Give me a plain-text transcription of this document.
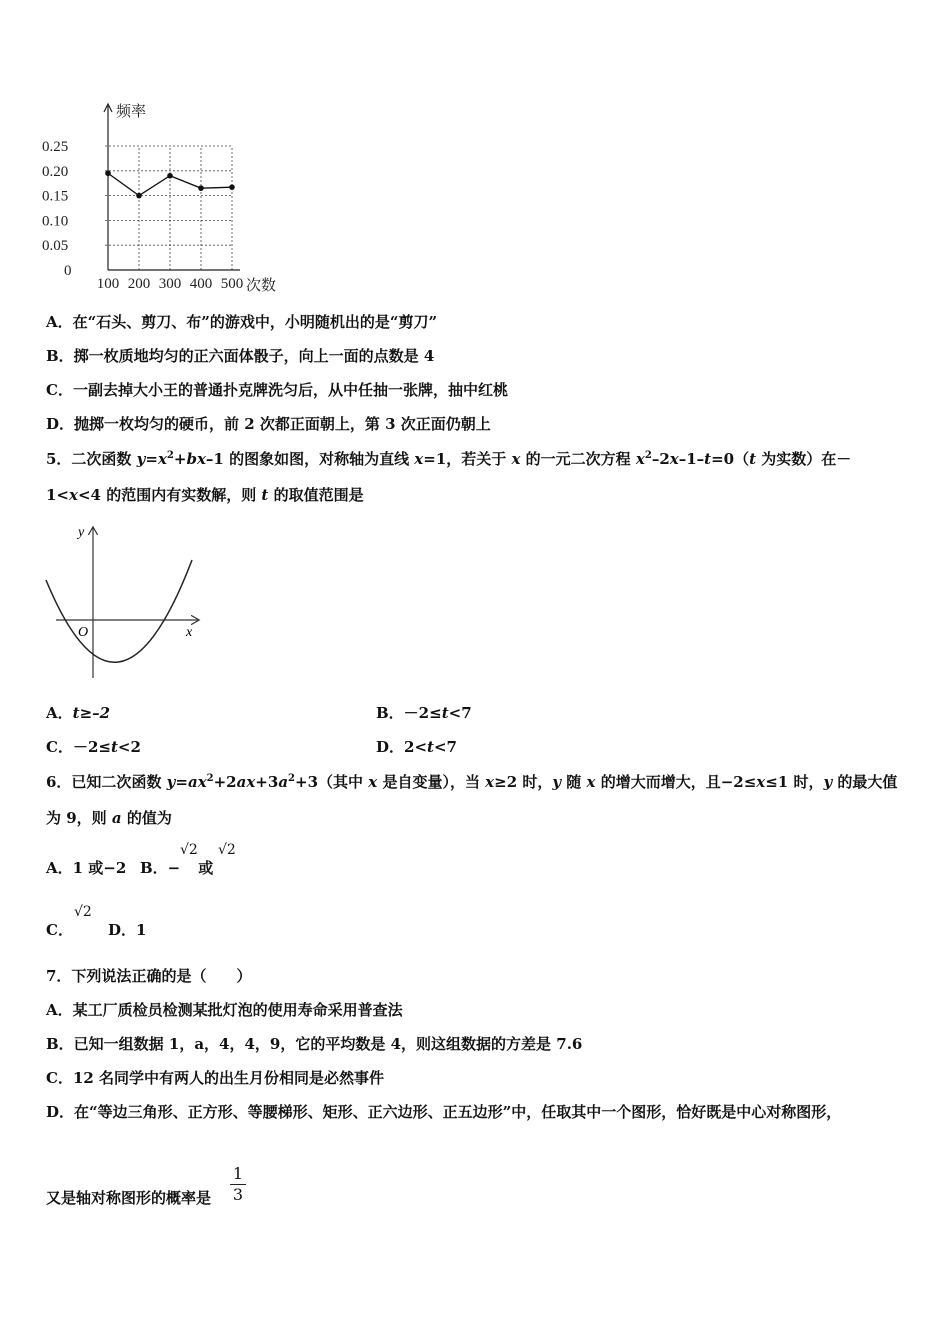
0.25
0.20
0.15
0.10
0.05
0
100 200 300 400 500
频率
次数
A．在“石头、剪刀、布”的游戏中，小明随机出的是“剪刀”
B．掷一枚质地均匀的正六面体骰子，向上一面的点数是 4
C．一副去掉大小王的普通扑克牌洗匀后，从中任抽一张牌，抽中红桃
D．抛掷一枚均匀的硬币，前 2 次都正面朝上，第 3 次正面仍朝上
5．二次函数 $y=x^2+bx-1$ 的图象如图，对称轴为直线 x=1，若关于 x 的一元二次方程 $x^2-2x-1-t=0(t$ 为实数）在－
1<x<4 的范围内有实数解，则 t 的取值范围是
y
x
O
A．t≥–2	B．－2≤t<7
C．－2≤t<2	D．2<t<7
6．已知二次函数 $y=ax^2+2ax+3a^2+3$（其中 x 是自变量），当 x≥2 时，y 随 x 的增大而增大，且−2≤x≤1 时，y 的最大值
为 9，则 a 的值为
A．1 或−2 B．− 或
√2 √2
C．
√2
D．1
7．下列说法正确的是（　　）
A．某工厂质检员检测某批灯泡的使用寿命采用普查法
B．已知一组数据 1，a，4，4，9，它的平均数是 4，则这组数据的方差是 7.6
C．12 名同学中有两人的出生月份相同是必然事件
D．在“等边三角形、正方形、等腰梯形、矩形、正六边形、正五边形”中，任取其中一个图形，恰好既是中心对称图形，
又是轴对称图形的概率是 $\frac{1}{3}$
